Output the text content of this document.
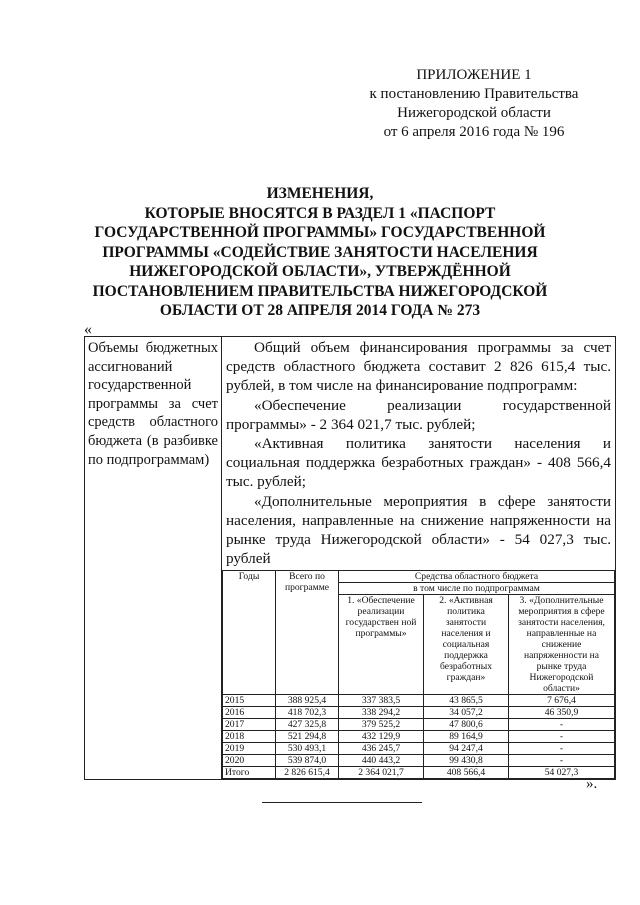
ПРИЛОЖЕНИЕ 1
к постановлению Правительства
Нижегородской области
от 6 апреля 2016 года № 196
ИЗМЕНЕНИЯ,
КОТОРЫЕ ВНОСЯТСЯ В РАЗДЕЛ 1 «ПАСПОРТ
ГОСУДАРСТВЕННОЙ ПРОГРАММЫ» ГОСУДАРСТВЕННОЙ
ПРОГРАММЫ «СОДЕЙСТВИЕ ЗАНЯТОСТИ НАСЕЛЕНИЯ
НИЖЕГОРОДСКОЙ ОБЛАСТИ», УТВЕРЖДЁННОЙ
ПОСТАНОВЛЕНИЕМ ПРАВИТЕЛЬСТВА НИЖЕГОРОДСКОЙ
ОБЛАСТИ ОТ 28 АПРЕЛЯ 2014 ГОДА № 273
«
Объемы бюджетных ассигнований государственной программы за счет средств областного бюджета (в разбивке по подпрограммам)

Общий объем финансирования программы за счет средств областного бюджета составит 2 826 615,4 тыс. рублей, в том числе на финансирование подпрограмм:

«Обеспечение реализации государственной программы» - 2 364 021,7 тыс. рублей;

«Активная политика занятости населения и социальная поддержка безработных граждан» - 408 566,4 тыс. рублей;

«Дополнительные мероприятия в сфере занятости населения, направленные на снижение напряженности на рынке труда Нижегородской области» - 54 027,3 тыс. рублей

Годы	Всего по программе	Средства областного бюджета
в том числе по подпрограммам
1. «Обеспечение реализации государствен ной программы»	2. «Активная политика занятости населения и социальная поддержка безработных граждан»	3. «Дополнительные мероприятия в сфере занятости населения, направленные на снижение напряженности на рынке труда Нижегородской области»
2015	388 925,4	337 383,5	43 865,5	7 676,4
2016	418 702,3	338 294,2	34 057,2	46 350,9
2017	427 325,8	379 525,2	47 800,6	-
2018	521 294,8	432 129,9	89 164,9	-
2019	530 493,1	436 245,7	94 247,4	-
2020	539 874,0	440 443,2	99 430,8	-
Итого	2 826 615,4	2 364 021,7	408 566,4	54 027,3
».
